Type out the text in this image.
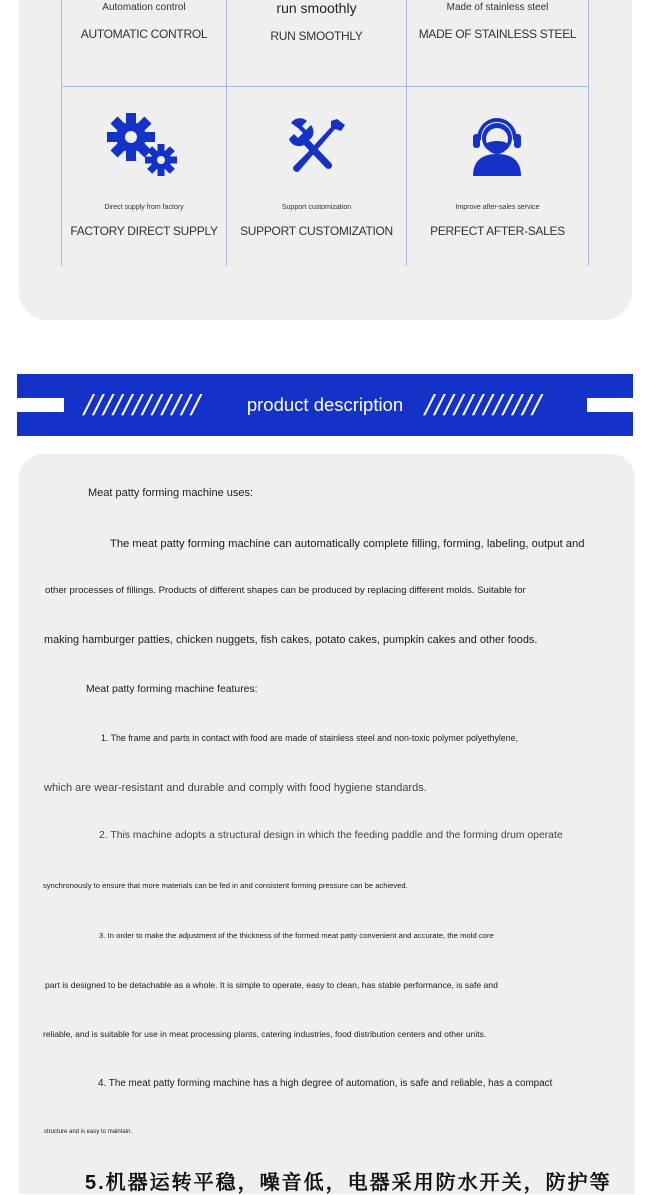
Automation control
AUTOMATIC CONTROL
run smoothly
RUN SMOOTHLY
Made of stainless steel
MADE OF STAINLESS STEEL
Direct supply from factory
FACTORY DIRECT SUPPLY
Support customization
SUPPORT CUSTOMIZATION
Improve after-sales service
PERFECT AFTER-SALES
////////////	product description ////////////
Meat patty forming machine uses:
The meat patty forming machine can automatically complete filling, forming, labeling, output and
other processes of fillings. Products of different shapes can be produced by replacing different molds. Suitable for
making hamburger patties, chicken nuggets, fish cakes, potato cakes, pumpkin cakes and other foods.
Meat patty forming machine features:
1. The frame and parts in contact with food are made of stainless steel and non-toxic polymer polyethylene,
which are wear-resistant and durable and comply with food hygiene standards.
2. This machine adopts a structural design in which the feeding paddle and the forming drum operate
synchronously to ensure that more materials can be fed in and consistent forming pressure can be achieved.
3. In order to make the adjustment of the thickness of the formed meat patty convenient and accurate, the mold core
part is designed to be detachable as a whole. It is simple to operate, easy to clean, has stable performance, is safe and
reliable, and is suitable for use in meat processing plants, catering industries, food distribution centers and other units.
4. The meat patty forming machine has a high degree of automation, is safe and reliable, has a compact
structure and is easy to maintain.
5.机器运转平稳，噪音低，电器采用防水开关，防护等
